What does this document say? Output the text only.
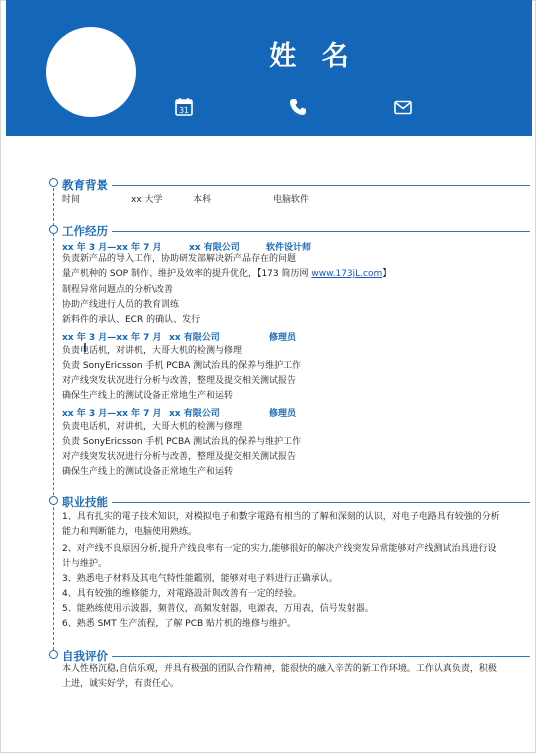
姓 名
31
教育背景
时间	xx 大学	本科	电脑软件
工作经历
xx 年 3 月—xx 年 7 月	xx 有限公司	软件设计师
负责新产品的导入工作，协助研发部解决新产品存在的问题
量产机种的 SOP 制作、维护及效率的提升优化，【173 简历网 www.173jL.com】
制程异常问题点的分析\改善
协助产线进行人员的教育训练
新料件的承认、ECR 的确认、发行
xx 年 3 月—xx 年 7 月 xx 有限公司	修理员
负责电话机，对讲机，大哥大机的检测与修理
负责 SonyEricsson 手机 PCBA 测试治具的保养与维护工作
对产线突发状况进行分析与改善，整理及提交相关测试报告
确保生产线上的测试设备正常地生产和运转
xx 年 3 月—xx 年 7 月 xx 有限公司	修理员
负责电话机，对讲机，大哥大机的检测与修理
负责 SonyEricsson 手机 PCBA 测试治具的保养与维护工作
对产线突发状况进行分析与改善，整理及提交相关测试报告
确保生产线上的测试设备正常地生产和运转
职业技能
1、具有扎实的電子技术知识，对模拟电子和數字電路有相当的了解和深刻的认识，对电子电路具有较強的分析能力和判断能力，电脑使用熟练。
2、对产线不良原因分析,提升产线良率有一定的实力,能够很好的解决产线突发异常能够对产线测试治具进行设计与维护。
3、熟悉电子材料及其电气特性能鑑别，能够对电子料进行正确承认。
4、具有较強的维修能力，对電路設計與改善有一定的经验。
5、能熟练使用示波器，频普仪，高頻发射器，电源表，万用表，信号发射器。
6、熟悉 SMT 生产流程，了解 PCB 贴片机的维修与维护。
自我评价
本人性格沉稳,自信乐观，并具有极强的团队合作精神，能很快的融入辛苦的新工作环境。工作认真负责，积极上进，诚实好学，有责任心。
